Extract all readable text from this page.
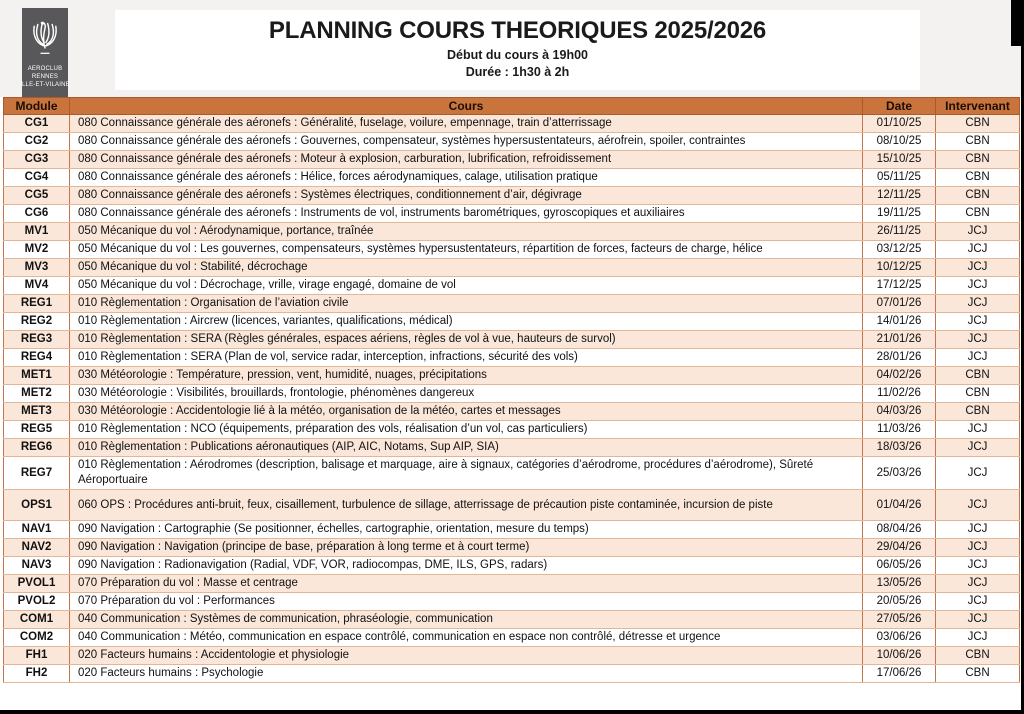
AEROCLUB
RENNES
ILLE-ET-VILAINE
PLANNING COURS THEORIQUES 2025/2026
Début du cours à 19h00
Durée : 1h30 à 2h
Module	Cours	Date	Intervenant
CG1	080 Connaissance générale des aéronefs : Généralité, fuselage, voilure, empennage, train d’atterrissage	01/10/25	CBN
CG2	080 Connaissance générale des aéronefs : Gouvernes, compensateur, systèmes hypersustentateurs, aérofrein, spoiler, contraintes	08/10/25	CBN
CG3	080 Connaissance générale des aéronefs : Moteur à explosion, carburation, lubrification, refroidissement	15/10/25	CBN
CG4	080 Connaissance générale des aéronefs : Hélice, forces aérodynamiques, calage, utilisation pratique	05/11/25	CBN
CG5	080 Connaissance générale des aéronefs : Systèmes électriques, conditionnement d’air, dégivrage	12/11/25	CBN
CG6	080 Connaissance générale des aéronefs : Instruments de vol, instruments barométriques, gyroscopiques et auxiliaires	19/11/25	CBN
MV1	050 Mécanique du vol : Aérodynamique, portance, traînée	26/11/25	JCJ
MV2	050 Mécanique du vol : Les gouvernes, compensateurs, systèmes hypersustentateurs, répartition de forces, facteurs de charge, hélice	03/12/25	JCJ
MV3	050 Mécanique du vol : Stabilité, décrochage	10/12/25	JCJ
MV4	050 Mécanique du vol : Décrochage, vrille, virage engagé, domaine de vol	17/12/25	JCJ
REG1	010 Règlementation : Organisation de l’aviation civile	07/01/26	JCJ
REG2	010 Règlementation : Aircrew (licences, variantes, qualifications, médical)	14/01/26	JCJ
REG3	010 Règlementation : SERA (Règles générales, espaces aériens, règles de vol à vue, hauteurs de survol)	21/01/26	JCJ
REG4	010 Règlementation : SERA (Plan de vol, service radar, interception, infractions, sécurité des vols)	28/01/26	JCJ
MET1	030 Météorologie : Température, pression, vent, humidité, nuages, précipitations	04/02/26	CBN
MET2	030 Météorologie : Visibilités, brouillards, frontologie, phénomènes dangereux	11/02/26	CBN
MET3	030 Météorologie : Accidentologie lié à la météo, organisation de la météo, cartes et messages	04/03/26	CBN
REG5	010 Règlementation : NCO (équipements, préparation des vols, réalisation d’un vol, cas particuliers)	11/03/26	JCJ
REG6	010 Règlementation : Publications aéronautiques (AIP, AIC, Notams, Sup AIP, SIA)	18/03/26	JCJ
REG7	010 Règlementation : Aérodromes (description, balisage et marquage, aire à signaux, catégories d’aérodrome, procédures d’aérodrome), Sûreté Aéroportuaire	25/03/26	JCJ
OPS1	060 OPS : Procédures anti-bruit, feux, cisaillement, turbulence de sillage, atterrissage de précaution piste contaminée, incursion de piste	01/04/26	JCJ
NAV1	090 Navigation : Cartographie (Se positionner, échelles, cartographie, orientation, mesure du temps)	08/04/26	JCJ
NAV2	090 Navigation : Navigation (principe de base, préparation à long terme et à court terme)	29/04/26	JCJ
NAV3	090 Navigation : Radionavigation (Radial, VDF, VOR, radiocompas, DME, ILS, GPS, radars)	06/05/26	JCJ
PVOL1	070 Préparation du vol : Masse et centrage	13/05/26	JCJ
PVOL2	070 Préparation du vol : Performances	20/05/26	JCJ
COM1	040 Communication : Systèmes de communication, phraséologie, communication	27/05/26	JCJ
COM2	040 Communication : Météo, communication en espace contrôlé, communication en espace non contrôlé, détresse et urgence	03/06/26	JCJ
FH1	020 Facteurs humains : Accidentologie et physiologie	10/06/26	CBN
FH2	020 Facteurs humains : Psychologie	17/06/26	CBN
